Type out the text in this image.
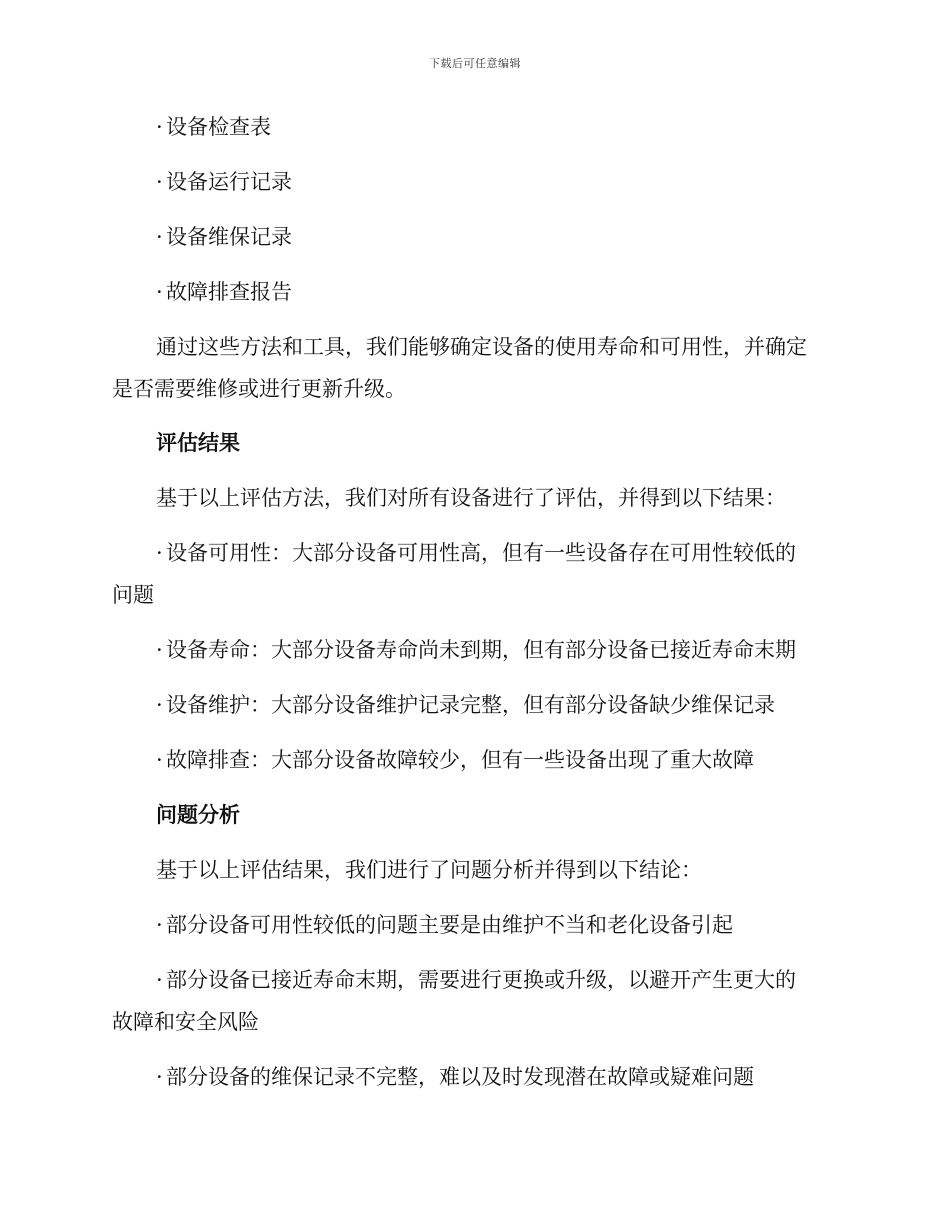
下载后可任意编辑
· 设备检查表
· 设备运行记录
· 设备维保记录
· 故障排查报告
通过这些方法和工具，我们能够确定设备的使用寿命和可用性，并确定
是否需要维修或进行更新升级。
评估结果
基于以上评估方法，我们对所有设备进行了评估，并得到以下结果：
· 设备可用性：大部分设备可用性高，但有一些设备存在可用性较低的
问题
· 设备寿命：大部分设备寿命尚未到期，但有部分设备已接近寿命末期
· 设备维护：大部分设备维护记录完整，但有部分设备缺少维保记录
· 故障排查：大部分设备故障较少，但有一些设备出现了重大故障
问题分析
基于以上评估结果，我们进行了问题分析并得到以下结论：
· 部分设备可用性较低的问题主要是由维护不当和老化设备引起
· 部分设备已接近寿命末期，需要进行更换或升级，以避开产生更大的
故障和安全风险
· 部分设备的维保记录不完整，难以及时发现潜在故障或疑难问题
